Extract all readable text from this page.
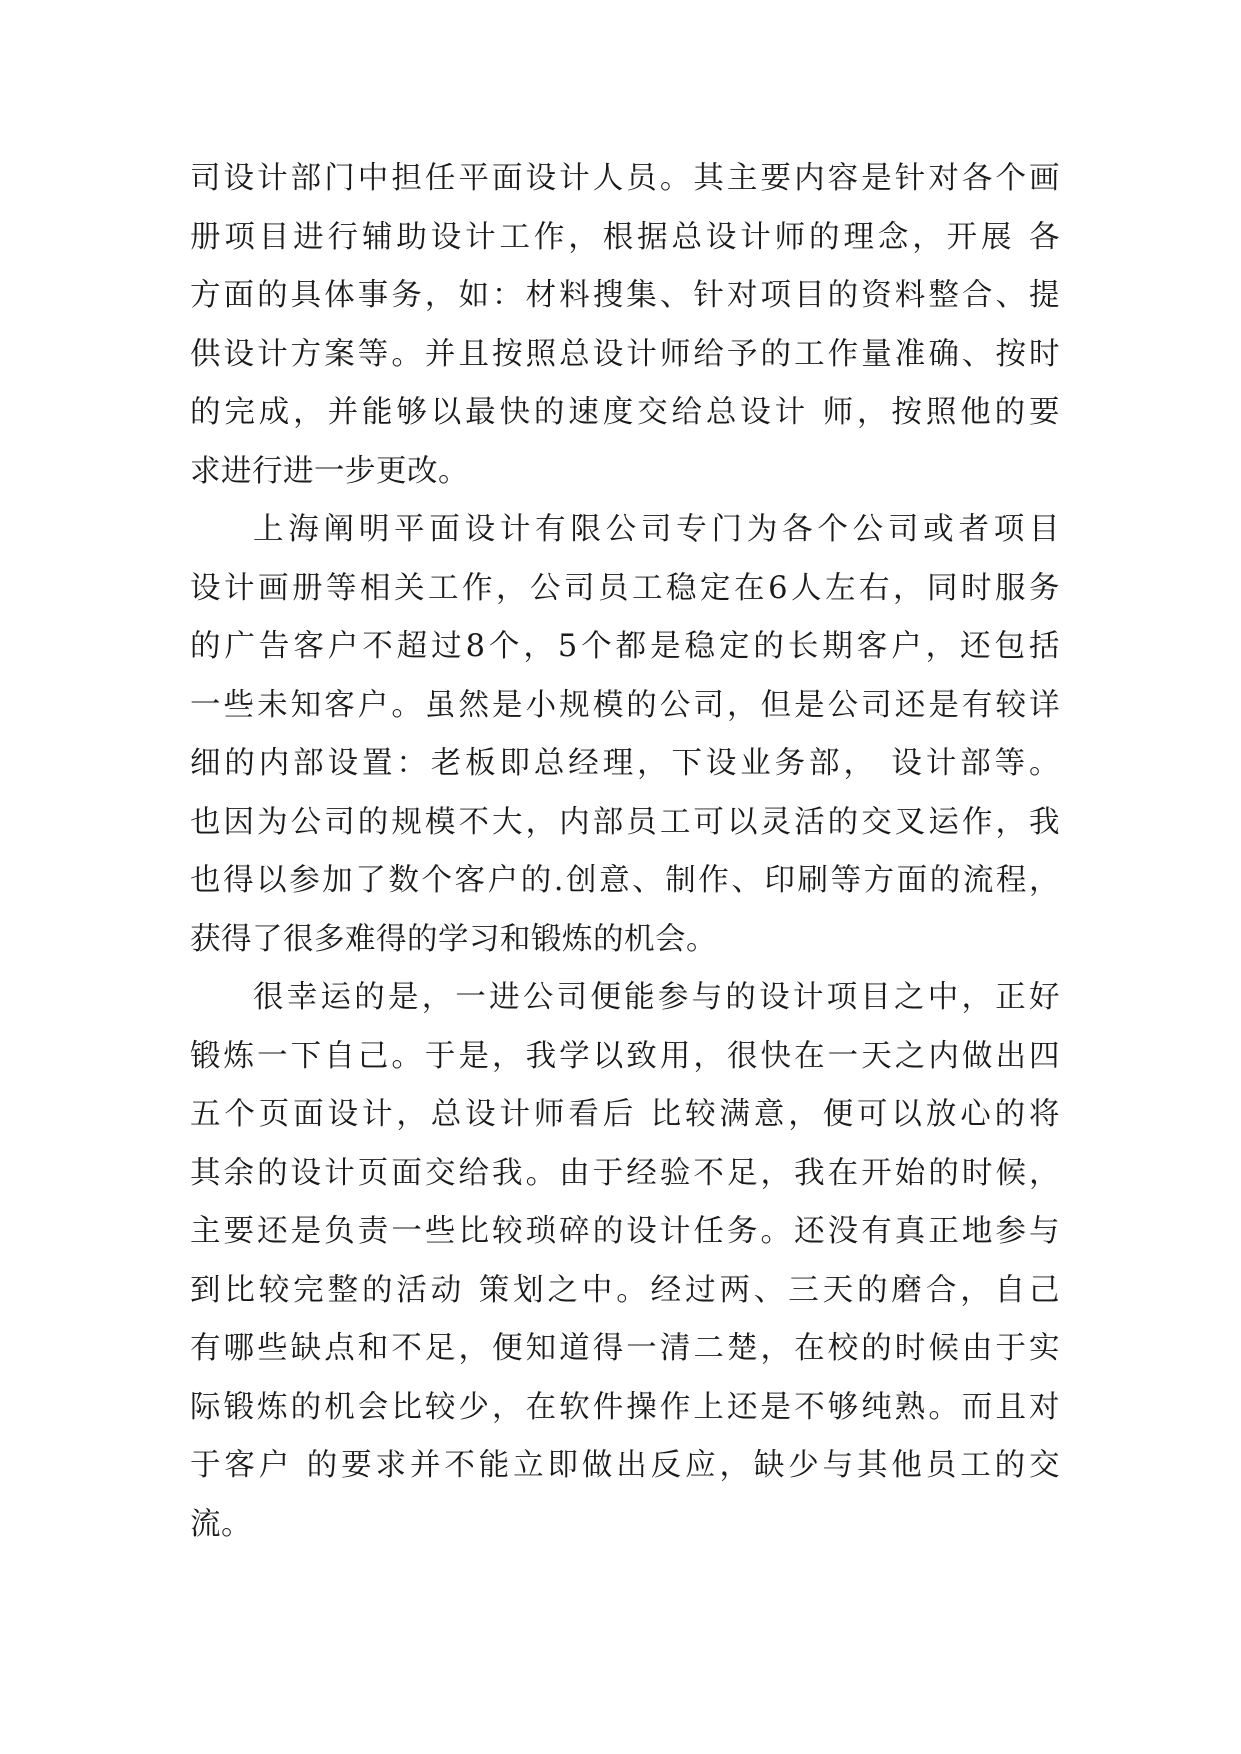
司设计部门中担任平面设计人员。其主要内容是针对各个画
册项目进行辅助设计工作，根据总设计师的理念，开展 各
方面的具体事务，如：材料搜集、针对项目的资料整合、提
供设计方案等。并且按照总设计师给予的工作量准确、按时
的完成，并能够以最快的速度交给总设计 师，按照他的要
求进行进一步更改。
上海阐明平面设计有限公司专门为各个公司或者项目
设计画册等相关工作，公司员工稳定在6人左右，同时服务
的广告客户不超过8个，5个都是稳定的长期客户，还包括
一些未知客户。虽然是小规模的公司，但是公司还是有较详
细的内部设置：老板即总经理，下设业务部， 设计部等。
也因为公司的规模不大，内部员工可以灵活的交叉运作，我
也得以参加了数个客户的.创意、制作、印刷等方面的流程，
获得了很多难得的学习和锻炼的机会。
很幸运的是，一进公司便能参与的设计项目之中，正好
锻炼一下自己。于是，我学以致用，很快在一天之内做出四
五个页面设计，总设计师看后 比较满意，便可以放心的将
其余的设计页面交给我。由于经验不足，我在开始的时候，
主要还是负责一些比较琐碎的设计任务。还没有真正地参与
到比较完整的活动 策划之中。经过两、三天的磨合，自己
有哪些缺点和不足，便知道得一清二楚，在校的时候由于实
际锻炼的机会比较少，在软件操作上还是不够纯熟。而且对
于客户 的要求并不能立即做出反应，缺少与其他员工的交
流。
